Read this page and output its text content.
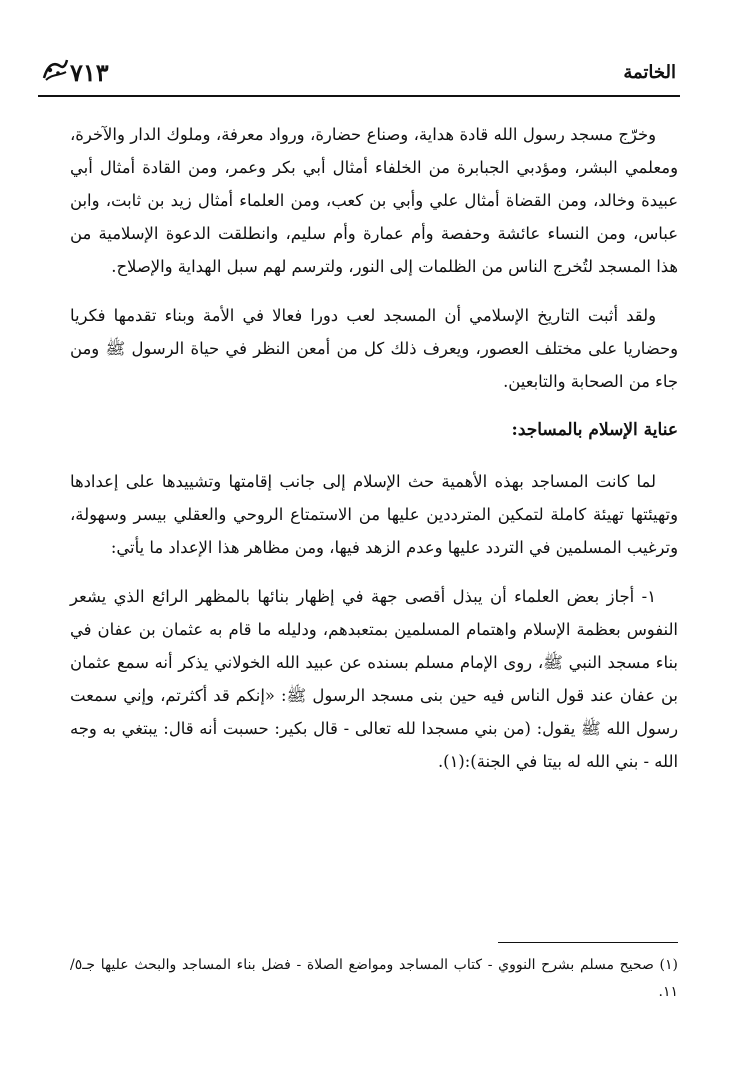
٧١٣	الخاتمة

وخرّج مسجد رسول الله قادة هداية، وصناع حضارة، ورواد معرفة، وملوك الدار والآخرة، ومعلمي البشر، ومؤدبي الجبابرة من الخلفاء أمثال أبي بكر وعمر، ومن القادة أمثال أبي عبيدة وخالد، ومن القضاة أمثال علي وأبي بن كعب، ومن العلماء أمثال زيد بن ثابت، وابن عباس، ومن النساء عائشة وحفصة وأم عمارة وأم سليم، وانطلقت الدعوة الإسلامية من هذا المسجد لتُخرج الناس من الظلمات إلى النور، ولترسم لهم سبل الهداية والإصلاح.

ولقد أثبت التاريخ الإسلامي أن المسجد لعب دورا فعالا في الأمة وبناء تقدمها فكريا وحضاريا على مختلف العصور، ويعرف ذلك كل من أمعن النظر في حياة الرسول ﷺ ومن جاء من الصحابة والتابعين.

عناية الإسلام بالمساجد:

لما كانت المساجد بهذه الأهمية حث الإسلام إلى جانب إقامتها وتشييدها على إعدادها وتهيئتها تهيئة كاملة لتمكين المترددين عليها من الاستمتاع الروحي والعقلي بيسر وسهولة، وترغيب المسلمين في التردد عليها وعدم الزهد فيها، ومن مظاهر هذا الإعداد ما يأتي:

١- أجاز بعض العلماء أن يبذل أقصى جهة في إظهار بنائها بالمظهر الرائع الذي يشعر النفوس بعظمة الإسلام واهتمام المسلمين بمتعبدهم، ودليله ما قام به عثمان بن عفان في بناء مسجد النبي ﷺ، روى الإمام مسلم بسنده عن عبيد الله الخولاني يذكر أنه سمع عثمان بن عفان عند قول الناس فيه حين بنى مسجد الرسول ﷺ: «إنكم قد أكثرتم، وإني سمعت رسول الله ﷺ يقول: (من بني مسجدا لله تعالى - قال بكير: حسبت أنه قال: يبتغي به وجه الله - بني الله له بيتا في الجنة):(١).

(١) صحيح مسلم بشرح النووي - كتاب المساجد ومواضع الصلاة - فضل بناء المساجد والبحث عليها جـ٥/ ١١.
